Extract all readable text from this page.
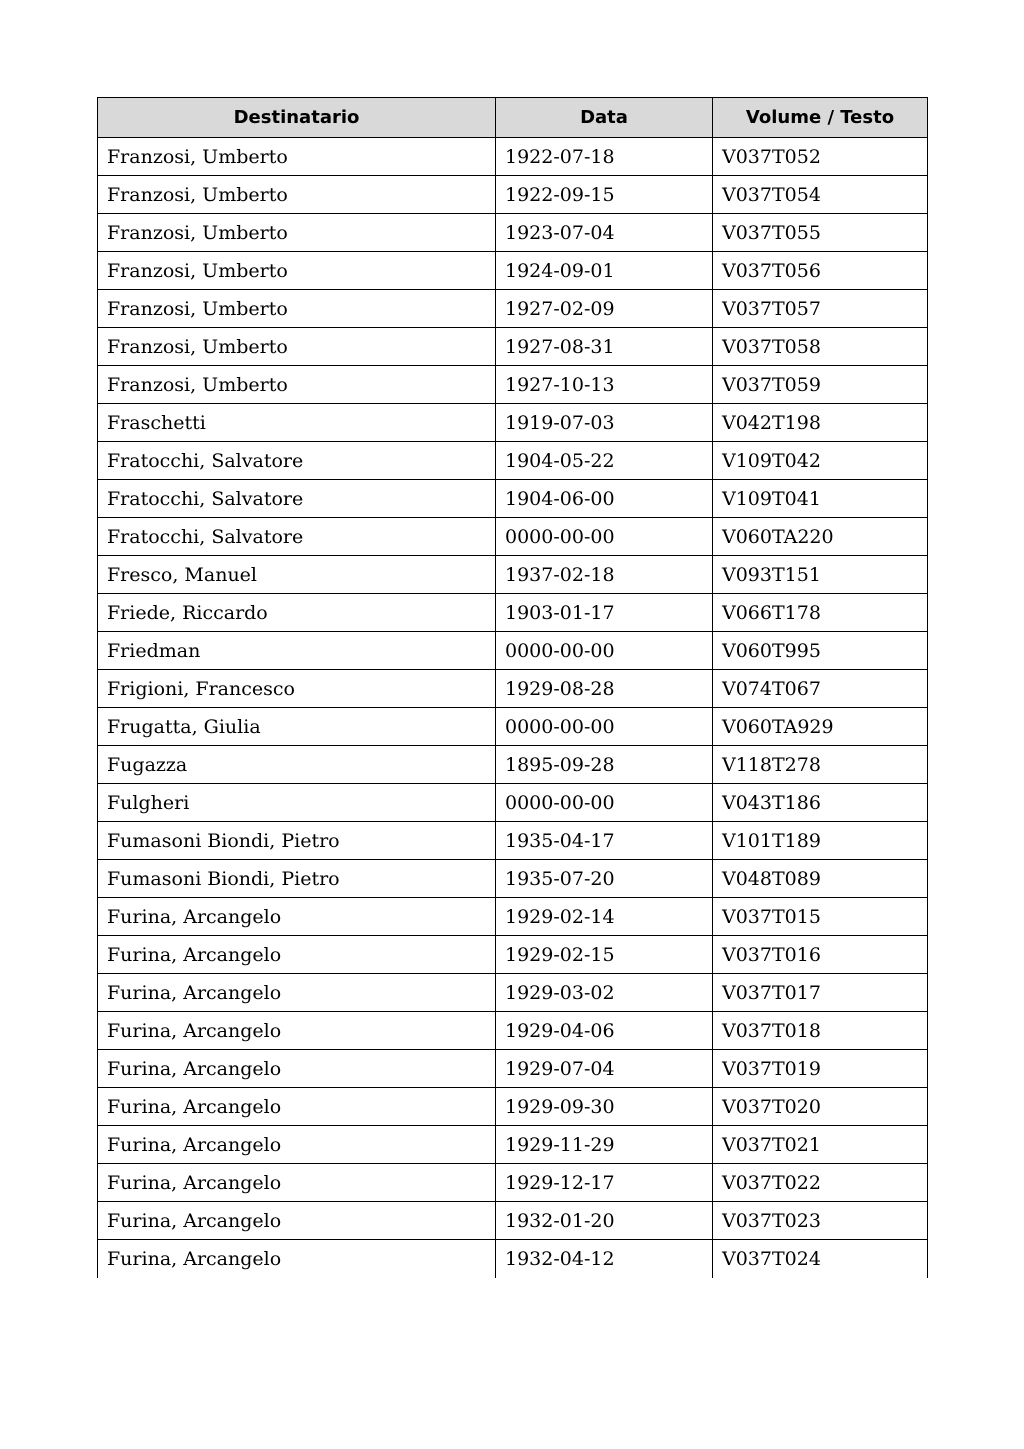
Destinatario	Data	Volume / Testo
Franzosi, Umberto	1922-07-18	V037T052
Franzosi, Umberto	1922-09-15	V037T054
Franzosi, Umberto	1923-07-04	V037T055
Franzosi, Umberto	1924-09-01	V037T056
Franzosi, Umberto	1927-02-09	V037T057
Franzosi, Umberto	1927-08-31	V037T058
Franzosi, Umberto	1927-10-13	V037T059
Fraschetti	1919-07-03	V042T198
Fratocchi, Salvatore	1904-05-22	V109T042
Fratocchi, Salvatore	1904-06-00	V109T041
Fratocchi, Salvatore	0000-00-00	V060TA220
Fresco, Manuel	1937-02-18	V093T151
Friede, Riccardo	1903-01-17	V066T178
Friedman	0000-00-00	V060T995
Frigioni, Francesco	1929-08-28	V074T067
Frugatta, Giulia	0000-00-00	V060TA929
Fugazza	1895-09-28	V118T278
Fulgheri	0000-00-00	V043T186
Fumasoni Biondi, Pietro	1935-04-17	V101T189
Fumasoni Biondi, Pietro	1935-07-20	V048T089
Furina, Arcangelo	1929-02-14	V037T015
Furina, Arcangelo	1929-02-15	V037T016
Furina, Arcangelo	1929-03-02	V037T017
Furina, Arcangelo	1929-04-06	V037T018
Furina, Arcangelo	1929-07-04	V037T019
Furina, Arcangelo	1929-09-30	V037T020
Furina, Arcangelo	1929-11-29	V037T021
Furina, Arcangelo	1929-12-17	V037T022
Furina, Arcangelo	1932-01-20	V037T023
Furina, Arcangelo	1932-04-12	V037T024
